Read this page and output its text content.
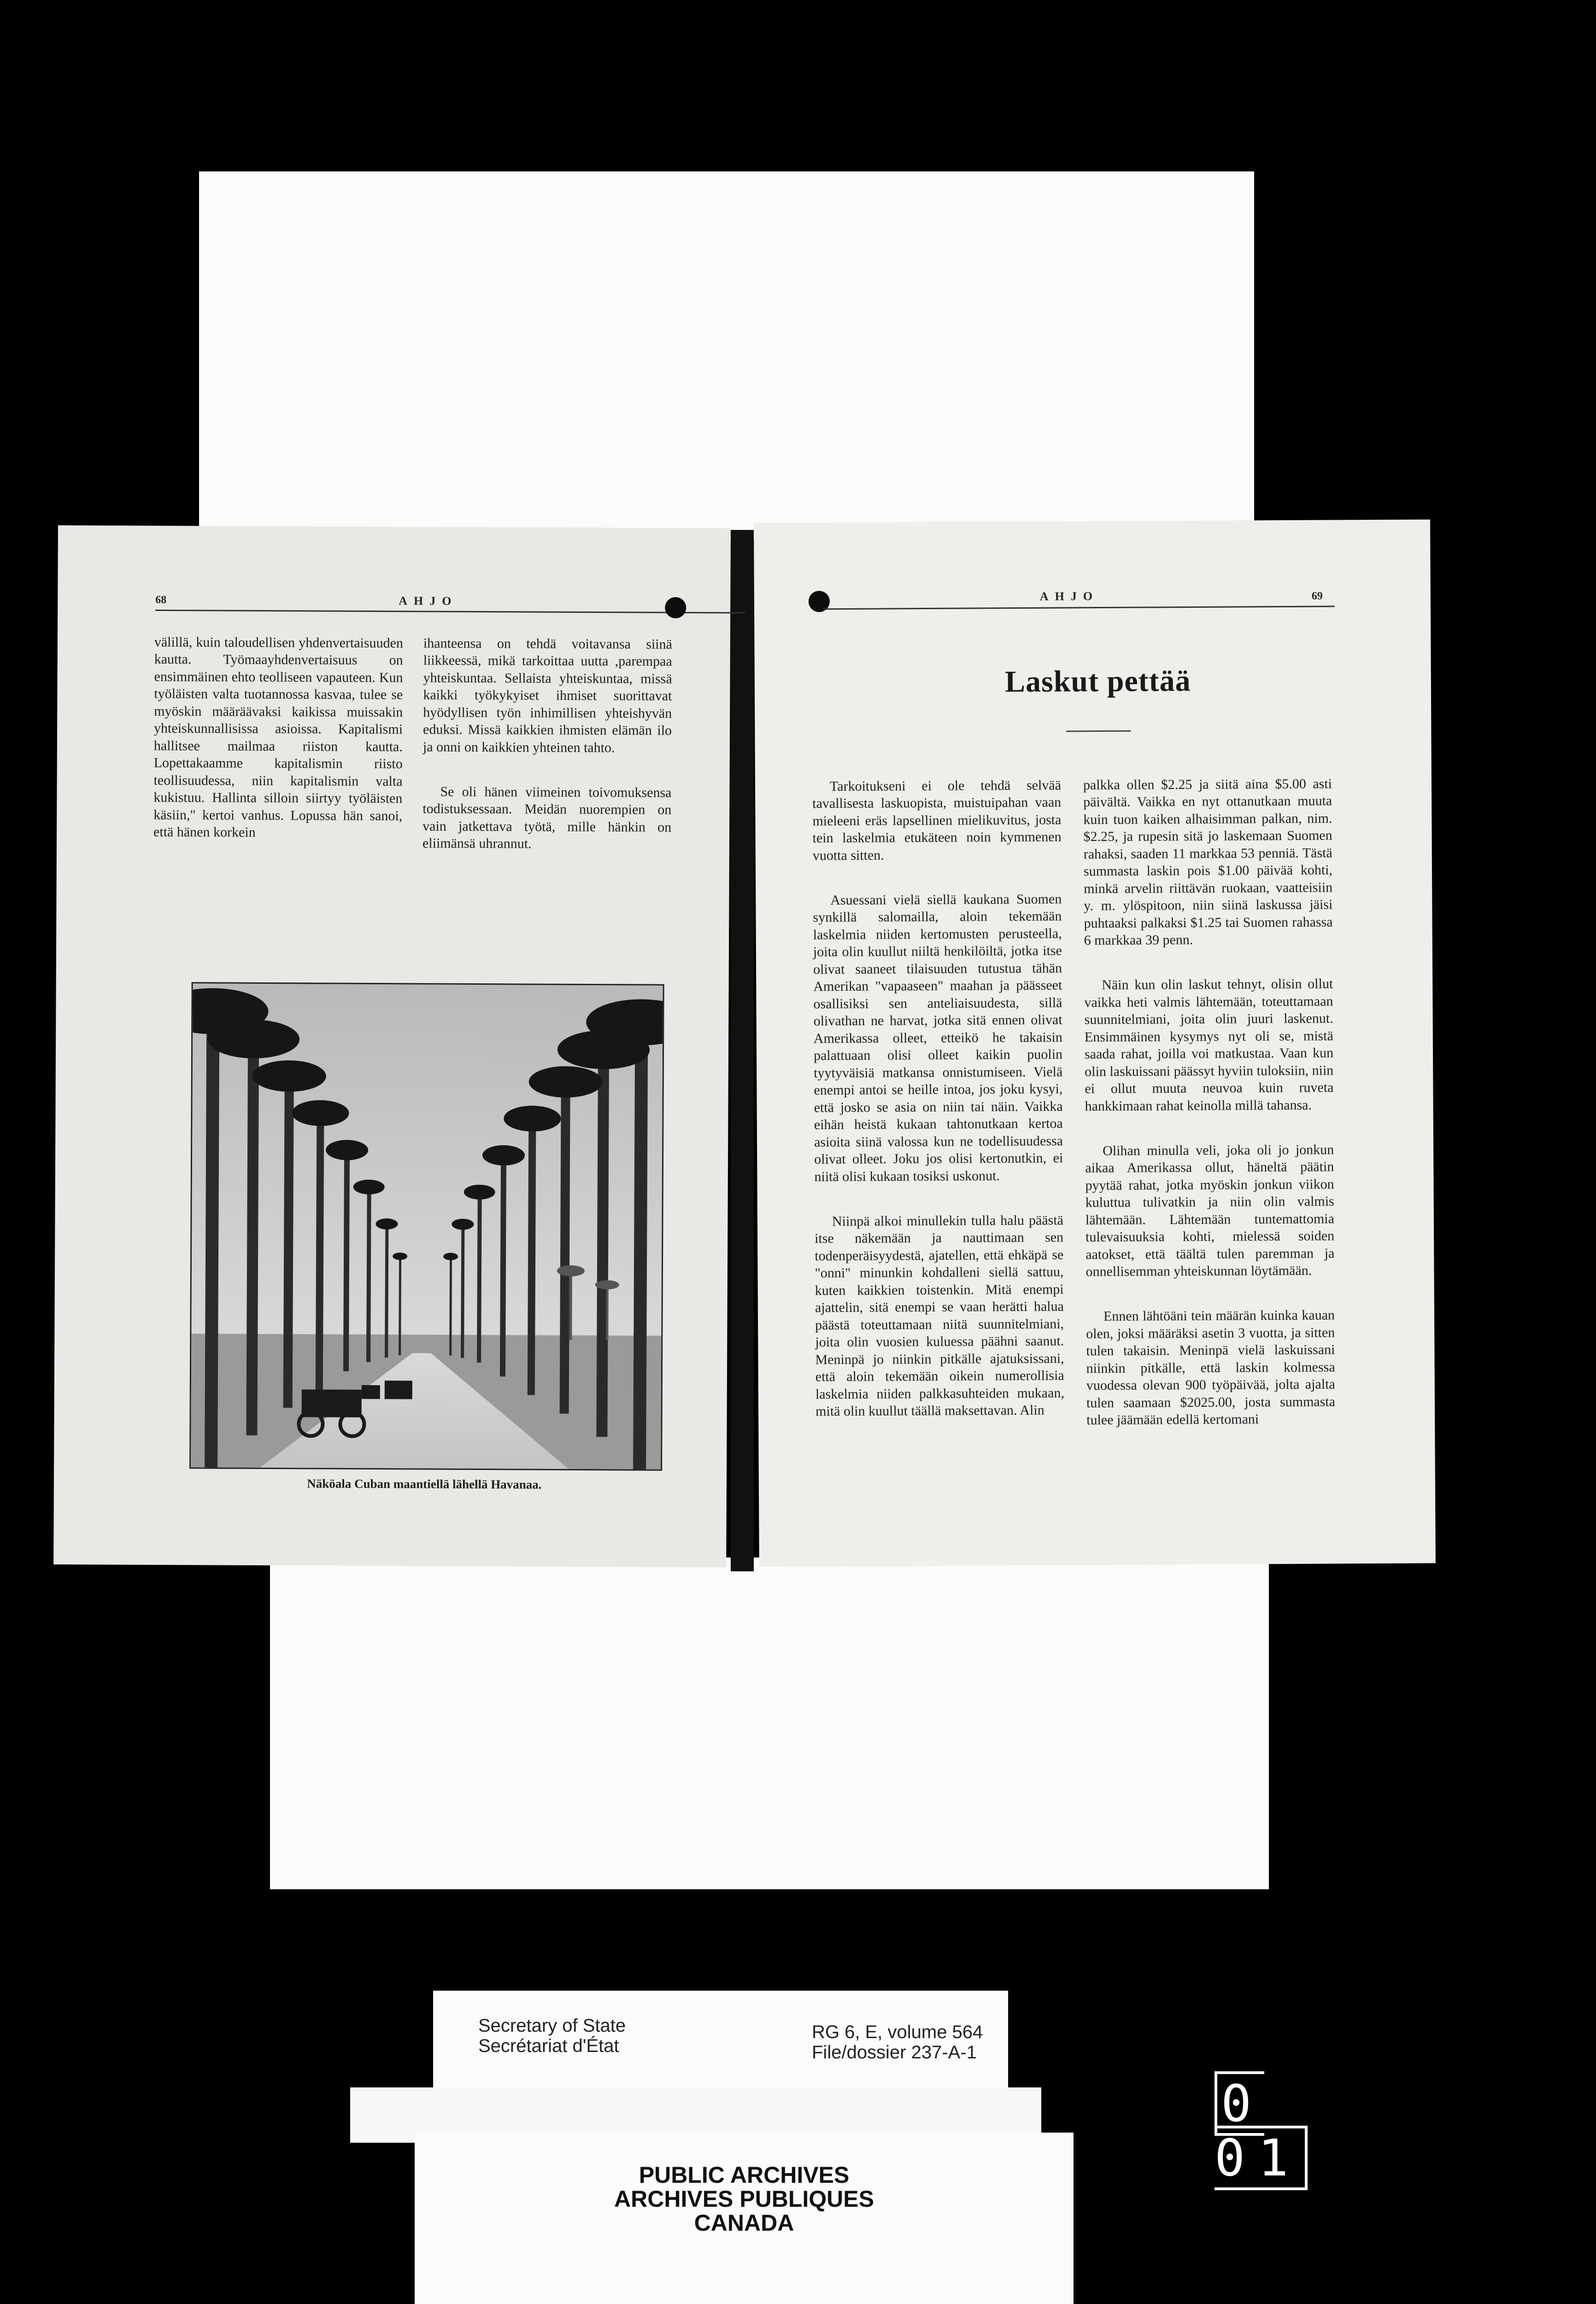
68	AHJO

välillä, kuin taloudellisen yhdenvertaisuuden kautta. Työmaayhdenvertaisuus on ensimmäinen ehto teolliseen vapauteen. Kun työläisten valta tuotannossa kasvaa, tulee se myöskin määräävaksi kaikissa muissakin yhteiskunnallisissa asioissa. Kapitalismi hallitsee mailmaa riiston kautta. Lopettakaamme kapitalismin riisto teollisuudessa, niin kapitalismin valta kukistuu. Hallinta silloin siirtyy työläisten käsiin," kertoi vanhus. Lopussa hän sanoi, että hänen korkein

ihanteensa on tehdä voitavansa siinä liikkeessä, mikä tarkoittaa uutta ,parempaa yhteiskuntaa. Sellaista yhteiskuntaa, missä kaikki työkykyiset ihmiset suorittavat hyödyllisen työn inhimillisen yhteishyvän eduksi. Missä kaikkien ihmisten elämän ilo ja onni on kaikkien yhteinen tahto.

Se oli hänen viimeinen toivomuksensa todistuksessaan. Meidän nuorempien on vain jatkettava työtä, mille hänkin on eliimänsä uhrannut.

Näköala Cuban maantiellä lähellä Havanaa.
AHJO	69
Laskut pettää

Tarkoitukseni ei ole tehdä selvää tavallisesta laskuopista, muistuipahan vaan mieleeni eräs lapsellinen mielikuvitus, josta tein laskelmia etukäteen noin kymmenen vuotta sitten.

Asuessani vielä siellä kaukana Suomen synkillä salomailla, aloin tekemään laskelmia niiden kertomusten perusteella, joita olin kuullut niiltä henkilöiltä, jotka itse olivat saaneet tilaisuuden tutustua tähän Amerikan "vapaaseen" maahan ja päässeet osallisiksi sen anteliaisuudesta, sillä olivathan ne harvat, jotka sitä ennen olivat Amerikassa olleet, etteikö he takaisin palattuaan olisi olleet kaikin puolin tyytyväisiä matkansa onnistumiseen. Vielä enempi antoi se heille intoa, jos joku kysyi, että josko se asia on niin tai näin. Vaikka eihän heistä kukaan tahtonutkaan kertoa asioita siinä valossa kun ne todellisuudessa olivat olleet. Joku jos olisi kertonutkin, ei niitä olisi kukaan tosiksi uskonut.

Niinpä alkoi minullekin tulla halu päästä itse näkemään ja nauttimaan sen todenperäisyydestä, ajatellen, että ehkäpä se "onni" minunkin kohdalleni siellä sattuu, kuten kaikkien toistenkin. Mitä enempi ajattelin, sitä enempi se vaan herätti halua päästä toteuttamaan niitä suunnitelmiani, joita olin vuosien kuluessa päähni saanut. Meninpä jo niinkin pitkälle ajatuksissani, että aloin tekemään oikein numerollisia laskelmia niiden palkkasuhteiden mukaan, mitä olin kuullut täällä maksettavan. Alin

palkka ollen $2.25 ja siitä aina $5.00 asti päivältä. Vaikka en nyt ottanutkaan muuta kuin tuon kaiken alhaisimman palkan, nim. $2.25, ja rupesin sitä jo laskemaan Suomen rahaksi, saaden 11 markkaa 53 penniä. Tästä summasta laskin pois $1.00 päivää kohti, minkä arvelin riittävän ruokaan, vaatteisiin y. m. ylöspitoon, niin siinä laskussa jäisi puhtaaksi palkaksi $1.25 tai Suomen rahassa 6 markkaa 39 penn.

Näin kun olin laskut tehnyt, olisin ollut vaikka heti valmis lähtemään, toteuttamaan suunnitelmiani, joita olin juuri laskenut. Ensimmäinen kysymys nyt oli se, mistä saada rahat, joilla voi matkustaa. Vaan kun olin laskuissani päässyt hyviin tuloksiin, niin ei ollut muuta neuvoa kuin ruveta hankkimaan rahat keinolla millä tahansa.

Olihan minulla veli, joka oli jo jonkun aikaa Amerikassa ollut, häneltä päätin pyytää rahat, jotka myöskin jonkun viikon kuluttua tulivatkin ja niin olin valmis lähtemään. Lähtemään tuntemattomia tulevaisuuksia kohti, mielessä soiden aatokset, että täältä tulen paremman ja onnellisemman yhteiskunnan löytämään.

Ennen lähtöäni tein määrän kuinka kauan olen, joksi määräksi asetin 3 vuotta, ja sitten tulen takaisin. Meninpä vielä laskuissani niinkin pitkälle, että laskin kolmessa vuodessa olevan 900 työpäivää, jolta ajalta tulen saamaan $2025.00, josta summasta tulee jäämään edellä kertomani

Secretary of State
Secrétariat d'État
RG 6, E, volume 564
File/dossier 237-A-1
PUBLIC ARCHIVES
ARCHIVES PUBLIQUES
CANADA
0 01
